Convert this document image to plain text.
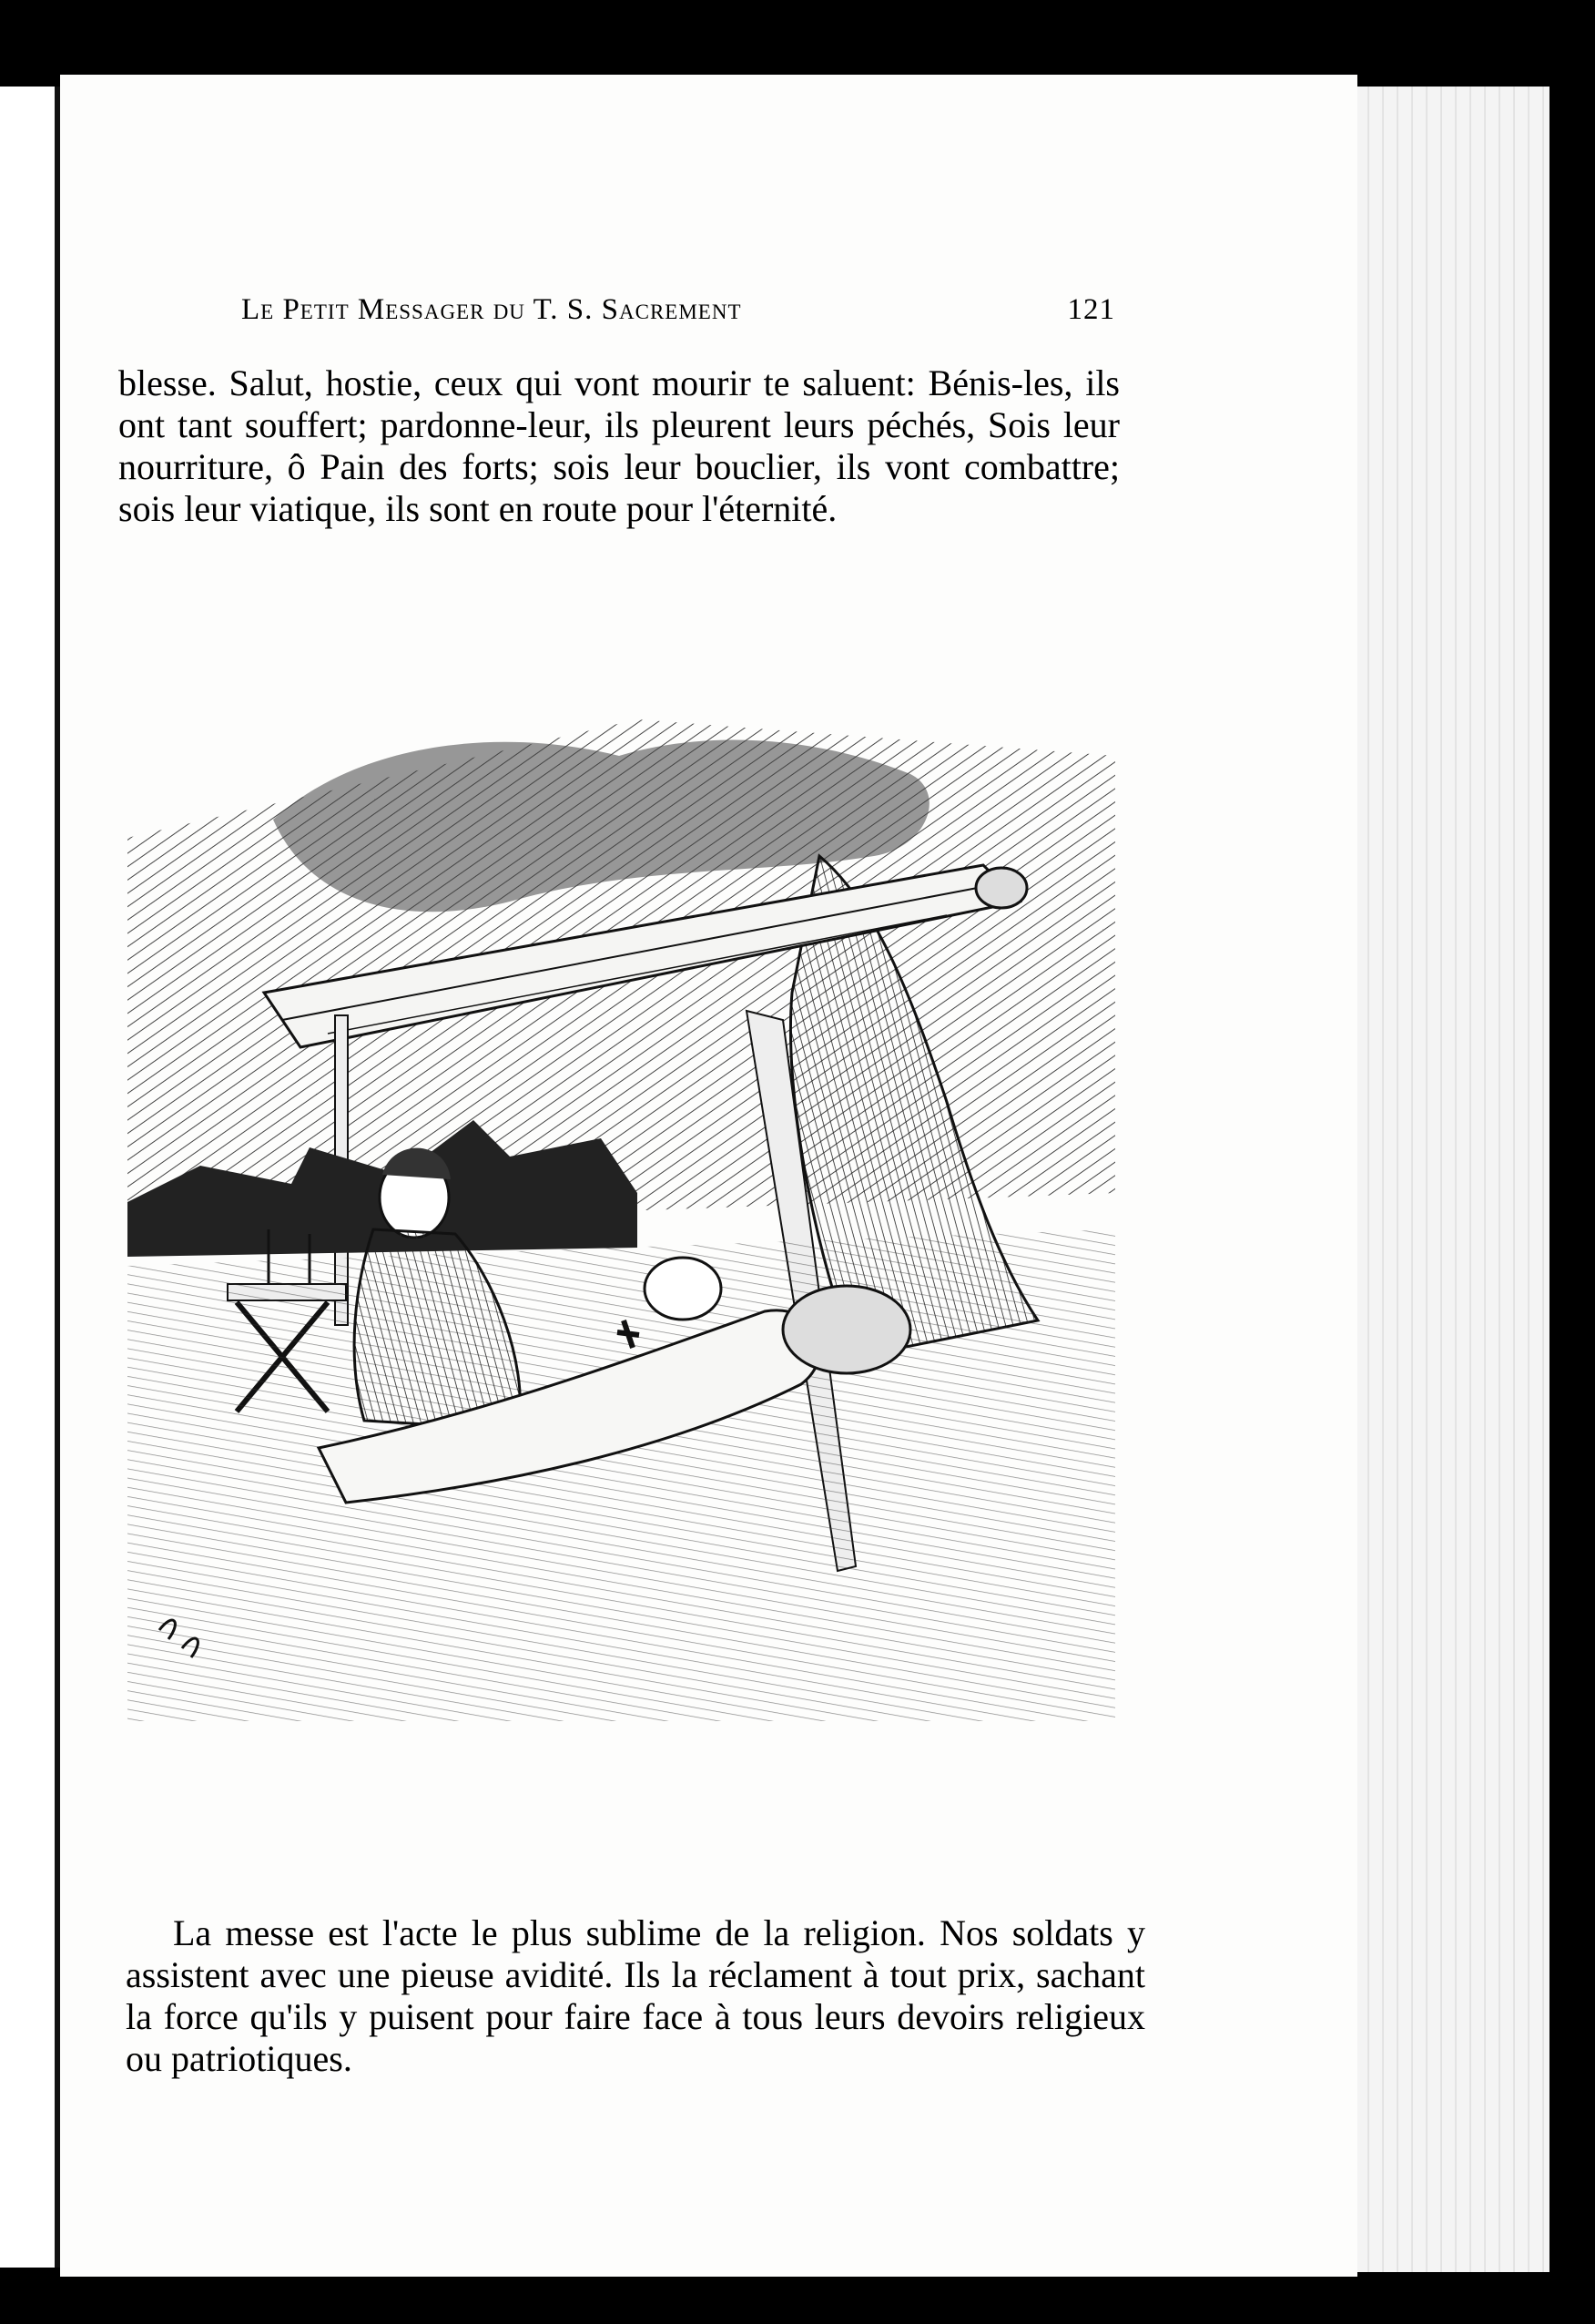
Le Petit Messager du T. S. Sacrement	121

blesse. Salut, hostie, ceux qui vont mourir te saluent: Bénis-les, ils ont tant souffert; pardonne-leur, ils pleurent leurs péchés, Sois leur nourriture, ô Pain des forts; sois leur bouclier, ils vont combattre; sois leur viatique, ils sont en route pour l'éternité.

La messe est l'acte le plus sublime de la religion. Nos soldats y assistent avec une pieuse avidité. Ils la réclament à tout prix, sachant la force qu'ils y puisent pour faire face à tous leurs devoirs religieux ou patriotiques.
